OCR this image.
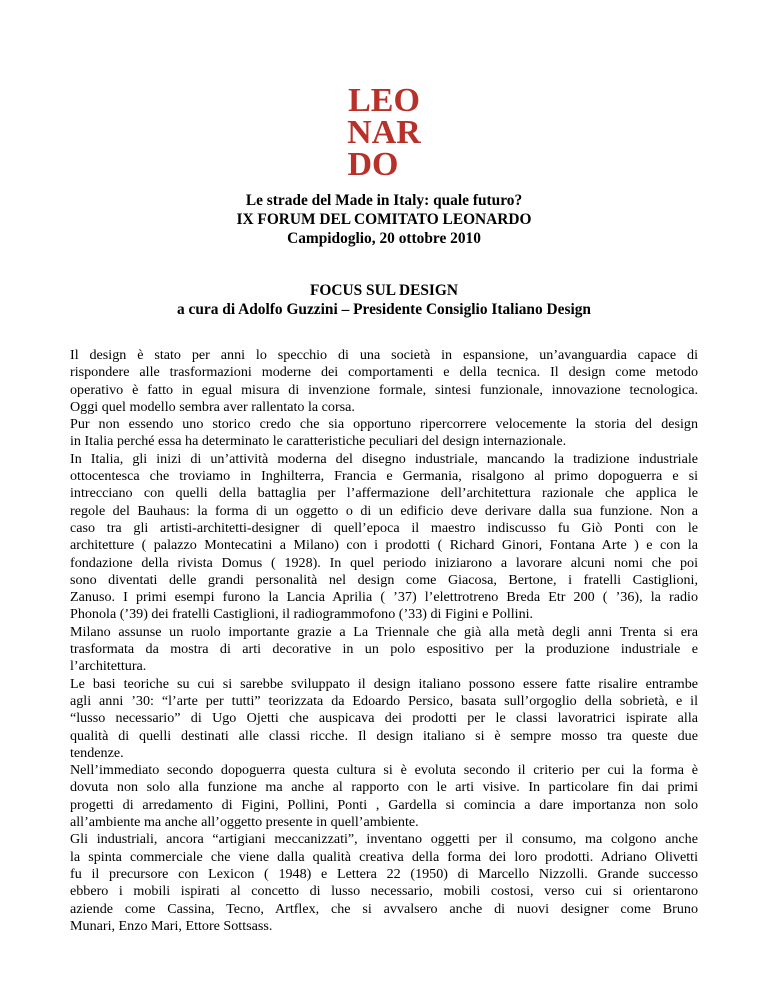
LEO
NAR
DO
Le strade del Made in Italy: quale futuro?
IX FORUM DEL COMITATO LEONARDO
Campidoglio, 20 ottobre 2010
FOCUS SUL DESIGN
a cura di Adolfo Guzzini – Presidente Consiglio Italiano Design
Il design è stato per anni lo specchio di una società in espansione, un’avanguardia capace di
rispondere alle trasformazioni moderne dei comportamenti e della tecnica. Il design come metodo
operativo è fatto in egual misura di invenzione formale, sintesi funzionale, innovazione tecnologica.
Oggi quel modello sembra aver rallentato la corsa.
Pur non essendo uno storico credo che sia opportuno ripercorrere velocemente la storia del design
in Italia perché essa ha determinato le caratteristiche peculiari del design internazionale.
In Italia, gli inizi di un’attività moderna del disegno industriale, mancando la tradizione industriale
ottocentesca che troviamo in Inghilterra, Francia e Germania, risalgono al primo dopoguerra e si
intrecciano con quelli della battaglia per l’affermazione dell’architettura razionale che applica le
regole del Bauhaus: la forma di un oggetto o di un edificio deve derivare dalla sua funzione. Non a
caso tra gli artisti-architetti-designer di quell’epoca il maestro indiscusso fu Giò Ponti con le
architetture ( palazzo Montecatini a Milano) con i prodotti ( Richard Ginori, Fontana Arte ) e con la
fondazione della rivista Domus ( 1928). In quel periodo iniziarono a lavorare alcuni nomi che poi
sono diventati delle grandi personalità nel design come Giacosa, Bertone, i fratelli Castiglioni,
Zanuso. I primi esempi furono la Lancia Aprilia ( ’37) l’elettrotreno Breda Etr 200 ( ’36), la radio
Phonola (’39) dei fratelli Castiglioni, il radiogrammofono (’33) di Figini e Pollini.
Milano assunse un ruolo importante grazie a La Triennale che già alla metà degli anni Trenta si era
trasformata da mostra di arti decorative in un polo espositivo per la produzione industriale e
l’architettura.
Le basi teoriche su cui si sarebbe sviluppato il design italiano possono essere fatte risalire entrambe
agli anni ’30: “l’arte per tutti” teorizzata da Edoardo Persico, basata sull’orgoglio della sobrietà, e il
“lusso necessario” di Ugo Ojetti che auspicava dei prodotti per le classi lavoratrici ispirate alla
qualità di quelli destinati alle classi ricche. Il design italiano si è sempre mosso tra queste due
tendenze.
Nell’immediato secondo dopoguerra questa cultura si è evoluta secondo il criterio per cui la forma è
dovuta non solo alla funzione ma anche al rapporto con le arti visive. In particolare fin dai primi
progetti di arredamento di Figini, Pollini, Ponti , Gardella si comincia a dare importanza non solo
all’ambiente ma anche all’oggetto presente in quell’ambiente.
Gli industriali, ancora “artigiani meccanizzati”, inventano oggetti per il consumo, ma colgono anche
la spinta commerciale che viene dalla qualità creativa della forma dei loro prodotti. Adriano Olivetti
fu il precursore con Lexicon ( 1948) e Lettera 22 (1950) di Marcello Nizzolli. Grande successo
ebbero i mobili ispirati al concetto di lusso necessario, mobili costosi, verso cui si orientarono
aziende come Cassina, Tecno, Artflex, che si avvalsero anche di nuovi designer come Bruno
Munari, Enzo Mari, Ettore Sottsass.
